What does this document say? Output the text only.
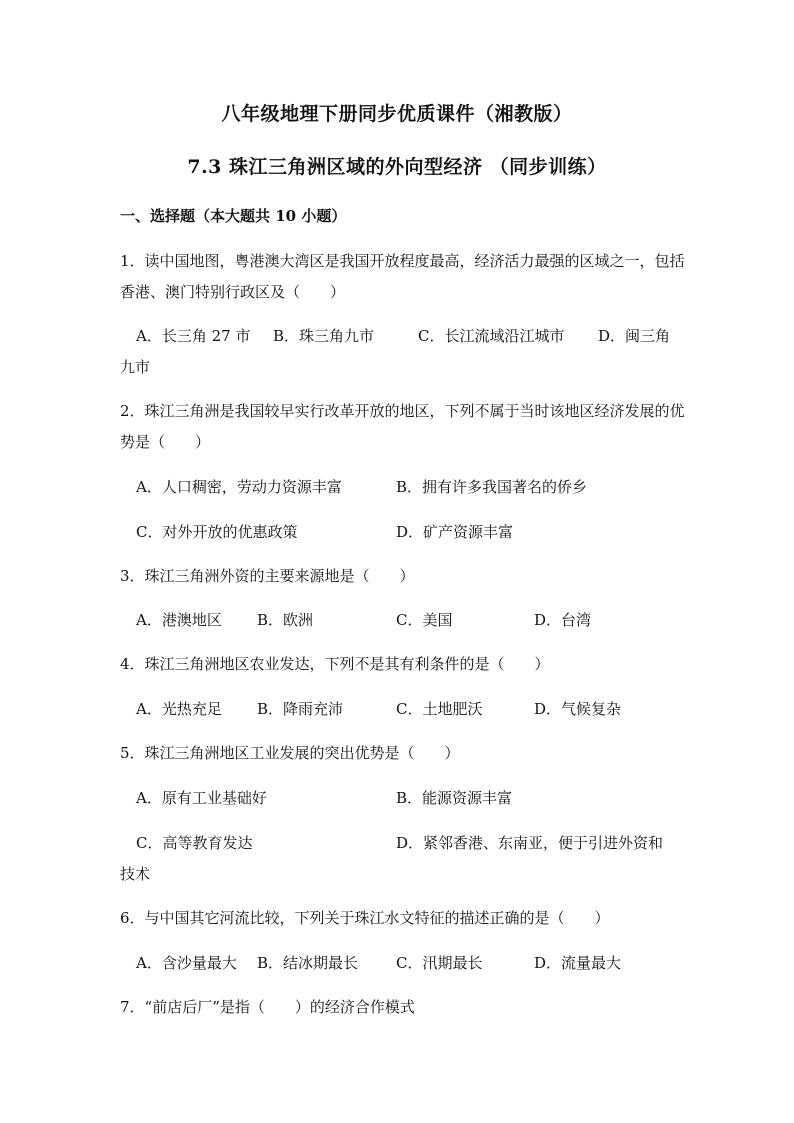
八年级地理下册同步优质课件（湘教版）
7.3 珠江三角洲区域的外向型经济 （同步训练）

一、选择题（本大题共 10 小题）

1．读中国地图，粤港澳大湾区是我国开放程度最高，经济活力最强的区域之一，包括香港、澳门特别行政区及（　　）

A．长三角 27 市 B．珠三角九市	C．长江流域沿江城市 D．闽三角
九市

2．珠江三角洲是我国较早实行改革开放的地区，下列不属于当时该地区经济发展的优势是（　　）

A．人口稠密，劳动力资源丰富	B．拥有许多我国著名的侨乡
C．对外开放的优惠政策	D．矿产资源丰富

3．珠江三角洲外资的主要来源地是（　　）

A．港澳地区 B．欧洲	C．美国	D．台湾

4．珠江三角洲地区农业发达，下列不是其有利条件的是（　　）

A．光热充足 B．降雨充沛	C．土地肥沃	D．气候复杂

5．珠江三角洲地区工业发展的突出优势是（　　）

A．原有工业基础好	B．能源资源丰富
C．高等教育发达	D．紧邻香港、东南亚，便于引进外资和
技术

6．与中国其它河流比较，下列关于珠江水文特征的描述正确的是（　　）

A．含沙量最大 B．结冰期最长	C．汛期最长	D．流量最大

7．“前店后厂”是指（　　）的经济合作模式
